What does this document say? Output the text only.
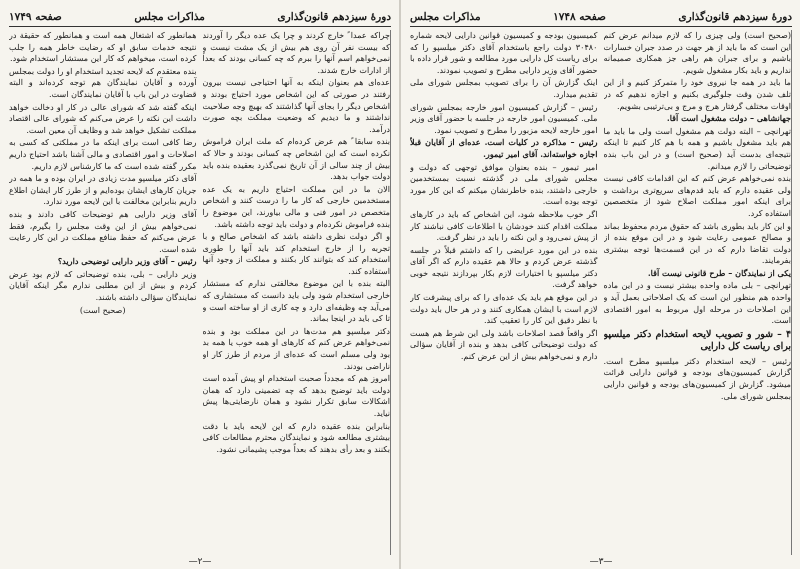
دورهٔ سیزدهم قانون‌گذاری
مذاکرات مجلس
صفحه ۱۷۴۹

چراکه عمدا ً خارج کردند و چرا یک عده دیگر را آوردند که بیست نفر آن روی هم بیش از یک مشت نیست و نمی‌خواهم اسم آنها را ببرم که چه کسانی بودند که بعداً از ادارات خارج شدند.

عده‌ای هم بعنوان اینکه به آنها احتیاجی نیست بیرون رفتند در صورتی که این اشخاص مورد احتیاج بودند و اشخاص دیگر را بجای آنها گذاشتند که بهیچ وجه صلاحیت نداشتند و ما دیدیم که وضعیت مملکت بچه صورت درآمد.

بنده سابقا ً هم عرض کرده‌ام که ملت ایران فراموش نکرده است که این اشخاص چه کسانی بودند و حالا که بیش از چند سالی از آن تاریخ نمی‌گذرد بعقیده بنده باید دولت جواب بدهد.

الان ما در این مملکت احتیاج داریم به یک عده مستخدمین خارجی که کار ما را درست کنند و اشخاص متخصص در امور فنی و مالی بیاورند، این موضوع را بنده فراموش نکرده‌ام و دولت باید توجه داشته باشد.

و اگر دولت نظری داشته باشد که اشخاص صالح و با تجربه را از خارج استخدام کند باید آنها را طوری استخدام کند که بتوانند کار بکنند و مملکت از وجود آنها استفاده کند.

البته بنده با این موضوع مخالفتی ندارم که مستشار خارجی استخدام شود ولی باید دانست که مستشاری که می‌آید چه وظیفه‌ای دارد و چه کاری از او ساخته است و تا کی باید در اینجا بماند.

دکتر میلسپو هم مدت‌ها در این مملکت بود و بنده نمی‌خواهم عرض کنم که کارهای او همه خوب یا همه بد بود ولی مسلم است که عده‌ای از مردم از طرز کار او ناراضی بودند.

امروز هم که مجدداً صحبت استخدام او پیش آمده است دولت باید توضیح بدهد که چه تضمینی دارد که همان اشکالات سابق تکرار نشود و همان نارضایتی‌ها پیش نیاید.

بنابراین بنده عقیده دارم که این لایحه باید با دقت بیشتری مطالعه شود و نمایندگان محترم مطالعات کافی بکنند و بعد رأی بدهند که بعداً موجب پشیمانی نشود.

همانطور که اشتغال همه است و همانطور که حقیقة در نتیجه خدمات سابق او که رضایت خاطر همه را جلب کرده است، میخواهم که کار این مستشار استخدام شود.

بنده معتقدم که لایحه تجدید استخدام او را دولت بمجلس آورده و آقایان نمایندگان هم توجه کرده‌اند و البته قضاوت در این باب با آقایان نمایندگان است.

اینکه گفته شد که شورای عالی در کار او دخالت خواهد داشت این نکته را عرض می‌کنم که شورای عالی اقتصاد مملکت تشکیل خواهد شد و وظایف آن معین است.

رضا کافی است برای اینکه ما در مملکتی که کسی به اصلاحات و امور اقتصادی و مالی آشنا باشد احتیاج داریم مکرر گفته شده است که ما کارشناس لازم داریم.

آقای دکتر میلسپو مدت زیادی در ایران بوده و ما همه در جریان کارهای ایشان بوده‌ایم و از طرز کار ایشان اطلاع داریم بنابراین مخالفت با این لایحه مورد ندارد.

آقای وزیر دارایی هم توضیحات کافی دادند و بنده نمی‌خواهم بیش از این وقت مجلس را بگیرم، فقط عرض می‌کنم که حفظ منافع مملکت در این کار رعایت شده است.

رئیس – آقای وزیر دارایی توضیحی دارید؟

وزیر دارایی – بلی، بنده توضیحاتی که لازم بود عرض کردم و بیش از این مطلبی ندارم مگر اینکه آقایان نمایندگان سؤالی داشته باشند.

(صحیح است)

—۲—
دورهٔ سیزدهم قانون‌گذاری
صفحه ۱۷۴۸
مذاکرات مجلس

(صحیح است) ولی چیزی را که لازم میدانم عرض کنم این است که ما باید از هر جهت در صدد جبران خسارات باشیم و برای جبران هم راهی جز همکاری صمیمانه نداریم و باید بکار مشغول شویم.

ما باید در همه جا نیروی خود را متمرکز کنیم و از این تلف شدن وقت جلوگیری بکنیم و اجازه ندهیم که در اوقات مختلف گرفتار هرج و مرج و بی‌ترتیبی بشویم.

جهانشاهی – دولت مشغول است آقا.

تهرانچی – البته دولت هم مشغول است ولی ما باید ما هم باید مشغول باشیم و همه با هم کار کنیم تا اینکه نتیجه‌ای بدست آید (صحیح است) و در این باب بنده توضیحاتی را لازم میدانم.

بنده نمی‌خواهم عرض کنم که این اقدامات کافی نیست ولی عقیده دارم که باید قدم‌های سریع‌تری برداشت و برای اینکه امور مملکت اصلاح شود از متخصصین استفاده کرد.

و این کار باید بطوری باشد که حقوق مردم محفوظ بماند و مصالح عمومی رعایت شود و در این موقع بنده از دولت تقاضا دارم که در این قسمت‌ها توجه بیشتری بفرمایند.

یکی از نمایندگان – طرح قانونی نیست آقا.

تهرانچی – بلی ماده واحده بیشتر نیست و در این ماده واحده هم منظور این است که یک اصلاحاتی بعمل آید و این اصلاحات در مرحله اول مربوط به امور اقتصادی است.

۴ – شور و تصویب لایحه استخدام دکتر میلسپو برای ریاست کل دارایی

رئیس – لایحه استخدام دکتر میلسپو مطرح است. گزارش کمیسیون‌های بودجه و قوانین دارایی قرائت میشود. گزارش از کمیسیون‌های بودجه و قوانین دارایی بمجلس شورای ملی.

کمیسیون بودجه و کمیسیون قوانین دارایی لایحه شماره ۳۰۴۸۰ دولت راجع باستخدام آقای دکتر میلسپو را که برای ریاست کل دارایی مورد مطالعه و شور قرار داده با حضور آقای وزیر دارایی مطرح و تصویب نمودند.

اینک گزارش آن را برای تصویب بمجلس شورای ملی تقدیم میدارد.

رئیس – گزارش کمیسیون امور خارجه بمجلس شورای ملی. کمیسیون امور خارجه در جلسه با حضور آقای وزیر امور خارجه لایحه مزبور را مطرح و تصویب نمود.

رئیس – مذاکره در کلیات است. عده‌ای از آقایان قبلاً اجازه خواسته‌اند. آقای امیر تیمور.

امیر تیمور – بنده بعنوان موافق توجهی که دولت و مجلس شورای ملی در گذشته نسبت بمستخدمین خارجی داشتند، بنده خاطرنشان میکنم که این کار مورد توجه بوده است.

اگر خوب ملاحظه شود، این اشخاص که باید در کارهای مملکت اقدام کنند خودشان با اطلاعات کافی نباشند کار از پیش نمی‌رود و این نکته را باید در نظر گرفت.

بنده در این مورد عرایضی را که داشتم قبلاً در جلسه گذشته عرض کردم و حالا هم عقیده دارم که اگر آقای دکتر میلسپو با اختیارات لازم بکار بپردازند نتیجه خوبی خواهد گرفت.

در این موقع هم باید یک عده‌ای را که برای پیشرفت کار لازم است با ایشان همکاری کنند و در هر حال باید دولت با نظر دقیق این کار را تعقیب کند.

اگر واقعاً قصد اصلاحات باشد ولی این شرط هم هست که دولت توضیحاتی کافی بدهد و بنده از آقایان سؤالی دارم و نمی‌خواهم بیش از این عرض کنم.

—۳—
